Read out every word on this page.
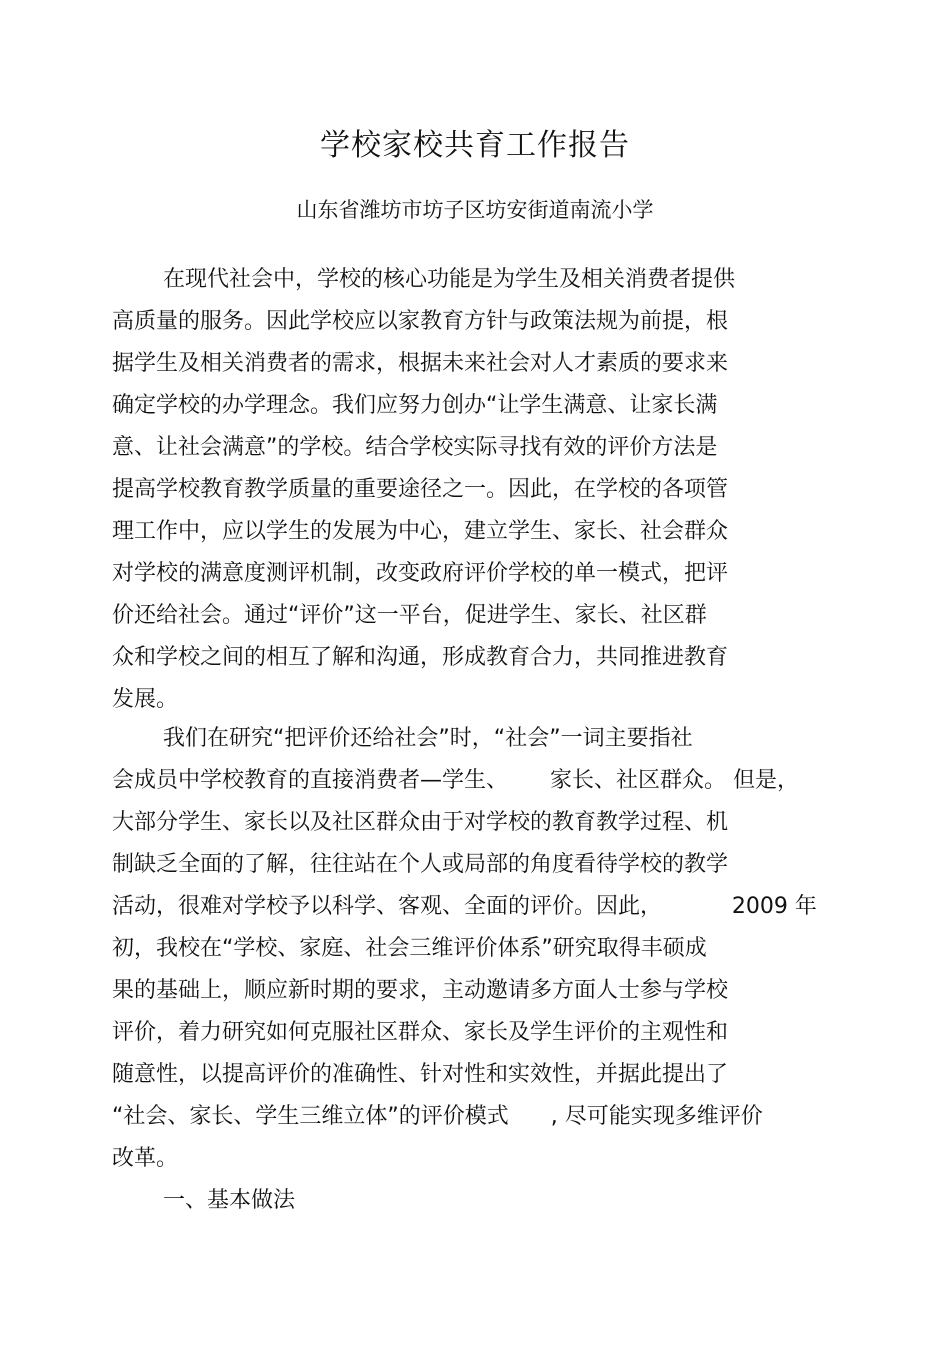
学校家校共育工作报告
山东省潍坊市坊子区坊安街道南流小学
在现代社会中，学校的核心功能是为学生及相关消费者提供
高质量的服务。因此学校应以家教育方针与政策法规为前提，根
据学生及相关消费者的需求，根据未来社会对人才素质的要求来
确定学校的办学理念。我们应努力创办“让学生满意、让家长满
意、让社会满意”的学校。结合学校实际寻找有效的评价方法是
提高学校教育教学质量的重要途径之一。因此，在学校的各项管
理工作中，应以学生的发展为中心，建立学生、家长、社会群众
对学校的满意度测评机制，改变政府评价学校的单一模式，把评
价还给社会。通过“评价”这一平台，促进学生、家长、社区群
众和学校之间的相互了解和沟通，形成教育合力，共同推进教育
发展。
我们在研究“把评价还给社会”时，“社会”一词主要指社
会成员中学校教育的直接消费者—学生、      家长、社区群众。 但是，
大部分学生、家长以及社区群众由于对学校的教育教学过程、机
制缺乏全面的了解，往往站在个人或局部的角度看待学校的教学
活动，很难对学校予以科学、客观、全面的评价。因此，          2009 年
初，我校在“学校、家庭、社会三维评价体系”研究取得丰硕成
果的基础上，顺应新时期的要求，主动邀请多方面人士参与学校
评价，着力研究如何克服社区群众、家长及学生评价的主观性和
随意性，以提高评价的准确性、针对性和实效性，并据此提出了
“社会、家长、学生三维立体”的评价模式      , 尽可能实现多维评价
改革。
一、基本做法
